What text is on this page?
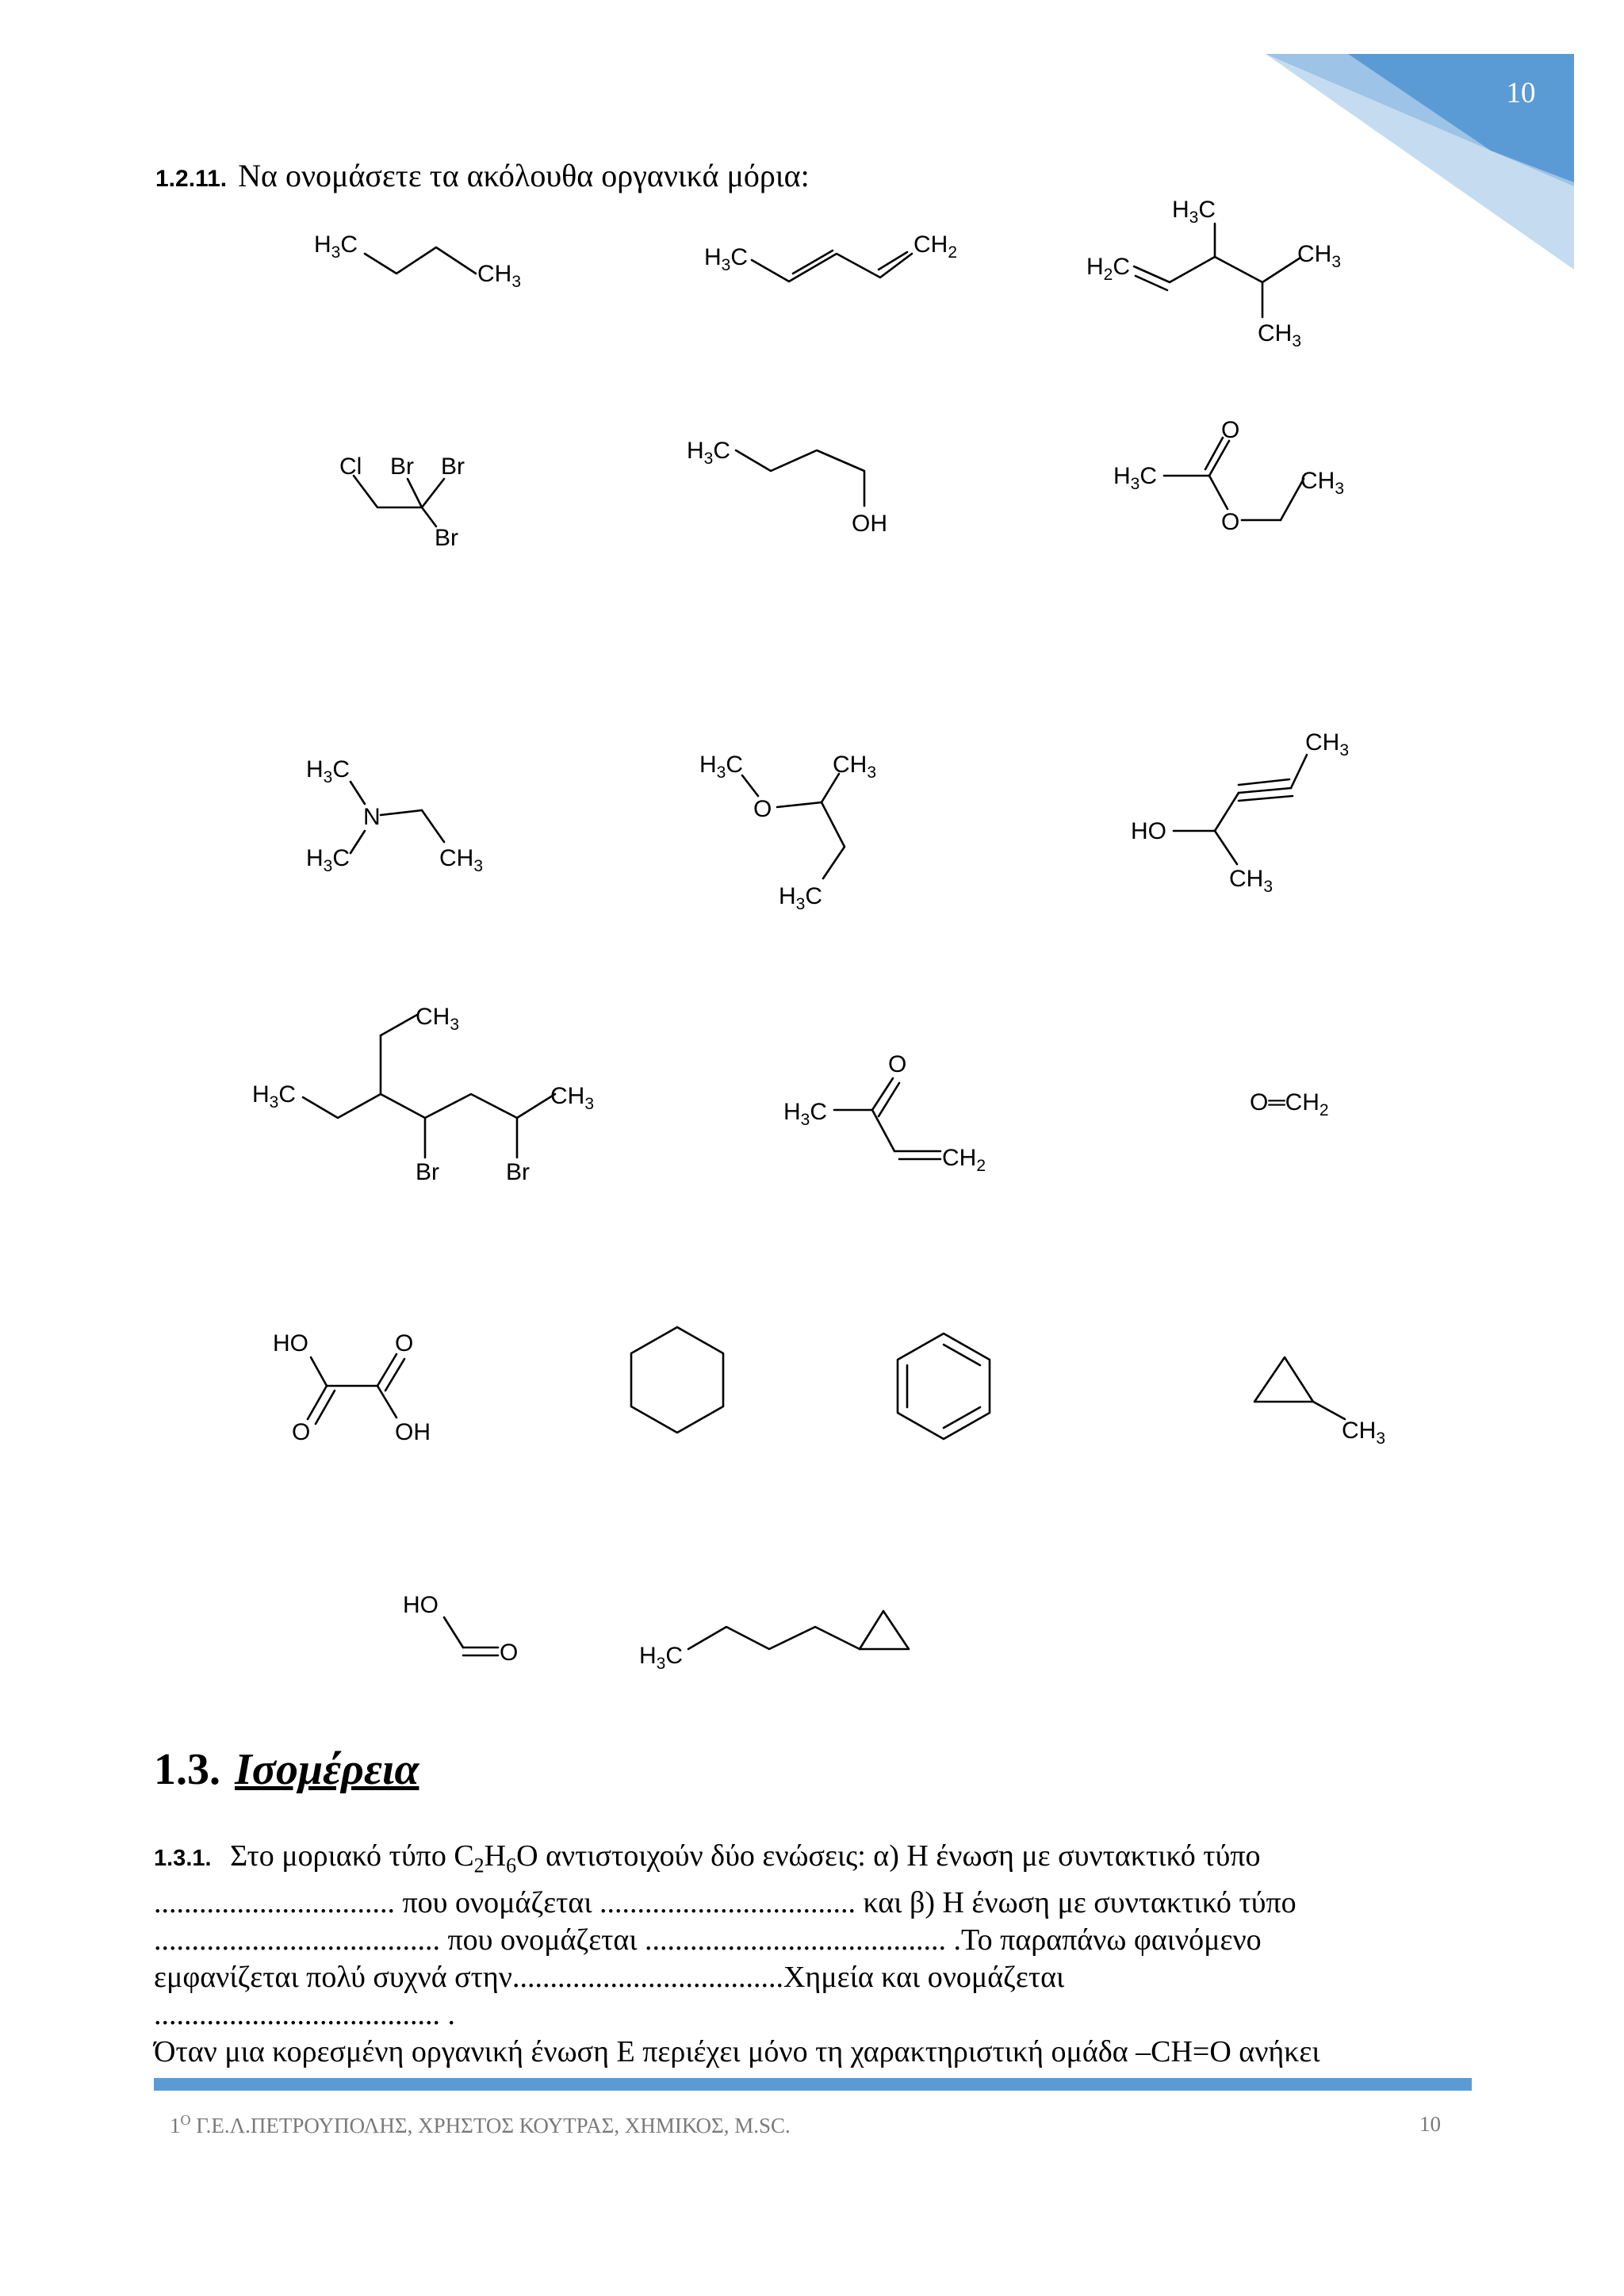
10
1.2.11. Να ονομάσετε τα ακόλουθα οργανικά μόρια:
$H_3C$
$CH_3$
$H_3C$	$CH_2$
$H_3C$
$H_2C$	$CH_3$
$CH_3$
Cl Br Br
Br
$H_3C$
OH
O
$H_3C$
O
$CH_3$
$H_3C$
N
$H_3C$	$CH_3$
$H_3C$	$CH_3$
O
$H_3C$
HO
$CH_3$
$CH_3$
$H_3C$
$CH_3$
$CH_3$
Br	Br
O
$H_3C$
$CH_2$
$O═CH_2$
HO	O
O	OH	$CH_3$
HO
O	$H_3C$
1.3. Ισομέρεια
1.3.1. Στο μοριακό τύπο $C_2H_6O$ αντιστοιχούν δύο ενώσεις: α) Η ένωση με συντακτικό τύπο
................................ που ονομάζεται .................................. και β) Η ένωση με συντακτικό τύπο
...................................... που ονομάζεται ........................................ .Το παραπάνω φαινόμενο
εμφανίζεται πολύ συχνά στην....................................Χημεία και ονομάζεται
...................................... .
Όταν μια κορεσμένη οργανική ένωση Ε περιέχει μόνο τη χαρακτηριστική ομάδα –CH=O ανήκει
$1^O$ Γ.Ε.Λ.ΠΕΤΡΟΥΠΟΛΗΣ, ΧΡΗΣΤΟΣ ΚΟΥΤΡΑΣ, ΧΗΜΙΚΟΣ, M.SC.	10
